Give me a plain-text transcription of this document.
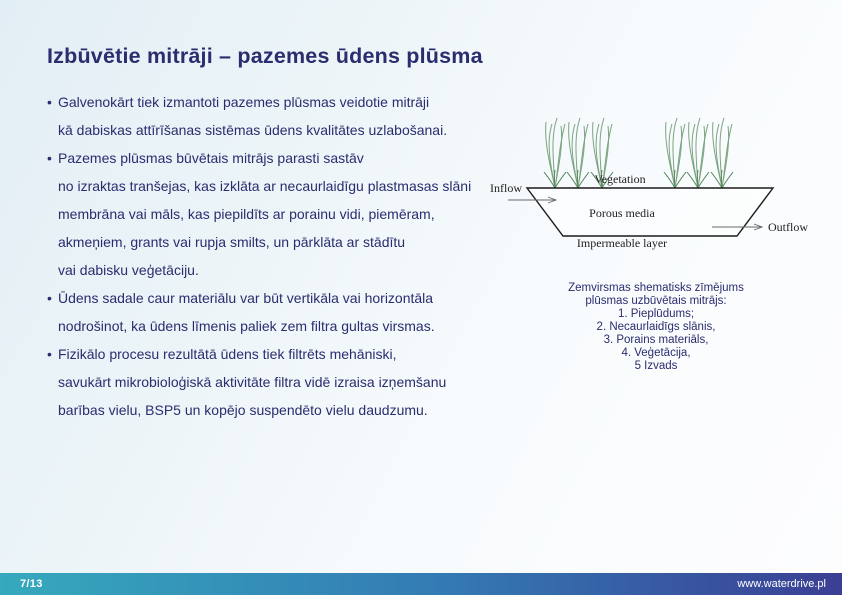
Izbūvētie mitrāji – pazemes ūdens plūsma
• Galvenokārt tiek izmantoti pazemes plūsmas veidotie mitrāji
kā dabiskas attīrīšanas sistēmas ūdens kvalitātes uzlabošanai.
• Pazemes plūsmas būvētais mitrājs parasti sastāv
no izraktas tranšejas, kas izklāta ar necaurlaidīgu plastmasas slāni
membrāna vai māls, kas piepildīts ar porainu vidi, piemēram,
akmeņiem, grants vai rupja smilts, un pārklāta ar stādītu
vai dabisku veģetāciju.
• Ūdens sadale caur materiālu var būt vertikāla vai horizontāla
nodrošinot, ka ūdens līmenis paliek zem filtra gultas virsmas.
• Fizikālo procesu rezultātā ūdens tiek filtrēts mehāniski,
savukārt mikrobioloģiskā aktivitāte filtra vidē izraisa izņemšanu
barības vielu, BSP5 un kopējo suspendēto vielu daudzumu.
Inflow
Vegetation
Porous media
Outflow
Impermeable layer
Zemvirsmas shematisks zīmējums
plūsmas uzbūvētais mitrājs:
1. Pieplūdums;
2. Necaurlaidīgs slānis,
3. Porains materiāls,
4. Veģetācija,
5 Izvads
7/13	www.waterdrive.pl
